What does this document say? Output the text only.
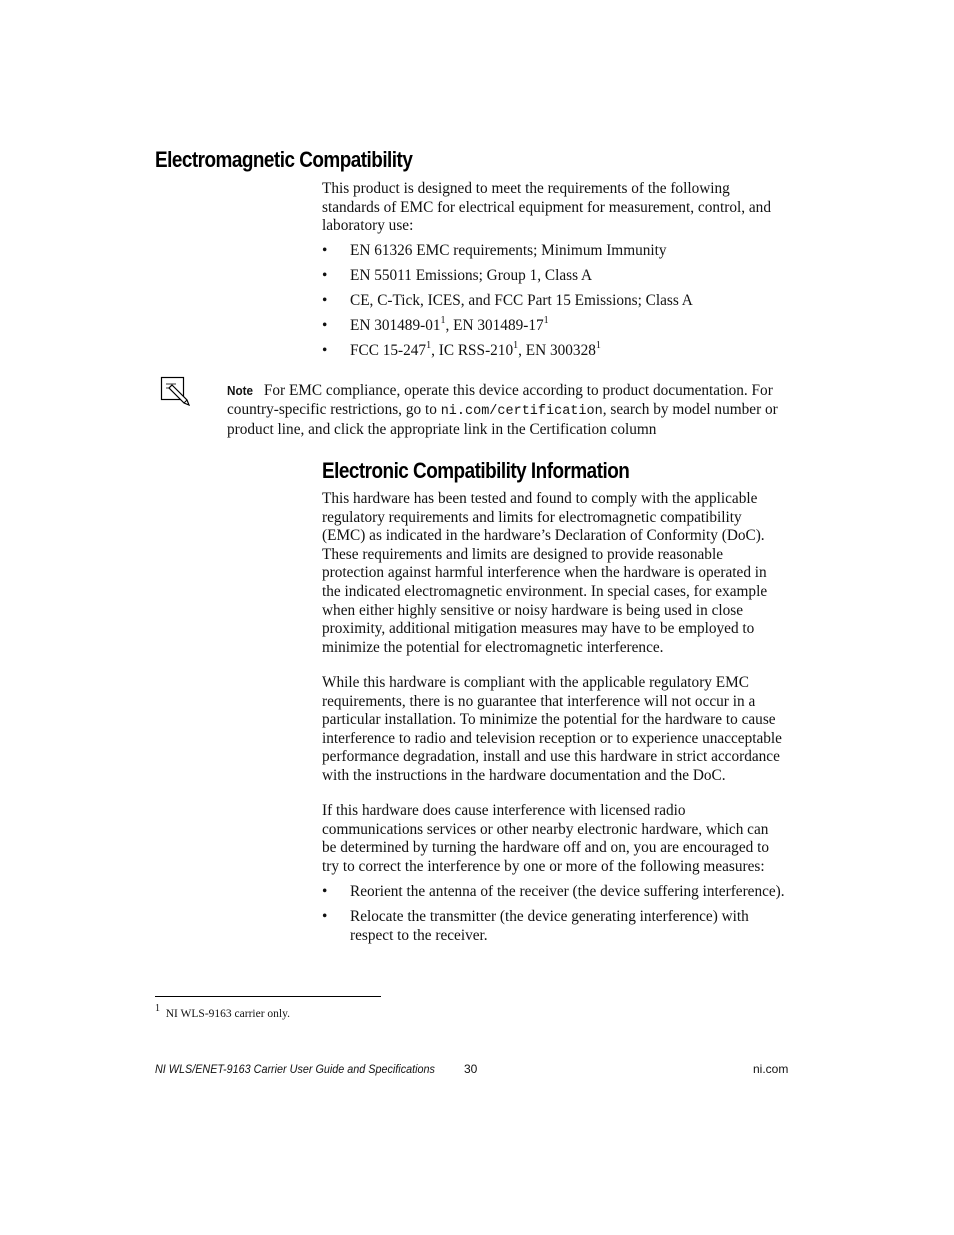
Electromagnetic Compatibility

This product is designed to meet the requirements of the following standards of EMC for electrical equipment for measurement, control, and laboratory use:

• EN 61326 EMC requirements; Minimum Immunity
• EN 55011 Emissions; Group 1, Class A
• CE, C-Tick, ICES, and FCC Part 15 Emissions; Class A
• EN $301489-01^1$, EN $301489-17^1$
• FCC $15-247^1$, IC RSS-$210^1$, EN 300328$^1$

Note For EMC compliance, operate this device according to product documentation. For country-specific restrictions, go to ni.com/certification, search by model number or product line, and click the appropriate link in the Certification column

Electronic Compatibility Information

This hardware has been tested and found to comply with the applicable regulatory requirements and limits for electromagnetic compatibility (EMC) as indicated in the hardware’s Declaration of Conformity (DoC). These requirements and limits are designed to provide reasonable protection against harmful interference when the hardware is operated in the indicated electromagnetic environment. In special cases, for example when either highly sensitive or noisy hardware is being used in close proximity, additional mitigation measures may have to be employed to minimize the potential for electromagnetic interference.

While this hardware is compliant with the applicable regulatory EMC requirements, there is no guarantee that interference will not occur in a particular installation. To minimize the potential for the hardware to cause interference to radio and television reception or to experience unacceptable performance degradation, install and use this hardware in strict accordance with the instructions in the hardware documentation and the DoC.

If this hardware does cause interference with licensed radio communications services or other nearby electronic hardware, which can be determined by turning the hardware off and on, you are encouraged to try to correct the interference by one or more of the following measures:

• Reorient the antenna of the receiver (the device suffering interference).
• Relocate the transmitter (the device generating interference) with respect to the receiver.
$^1$ NI WLS-9163 carrier only.
NI WLS/ENET-9163 Carrier User Guide and Specifications 30	ni.com
